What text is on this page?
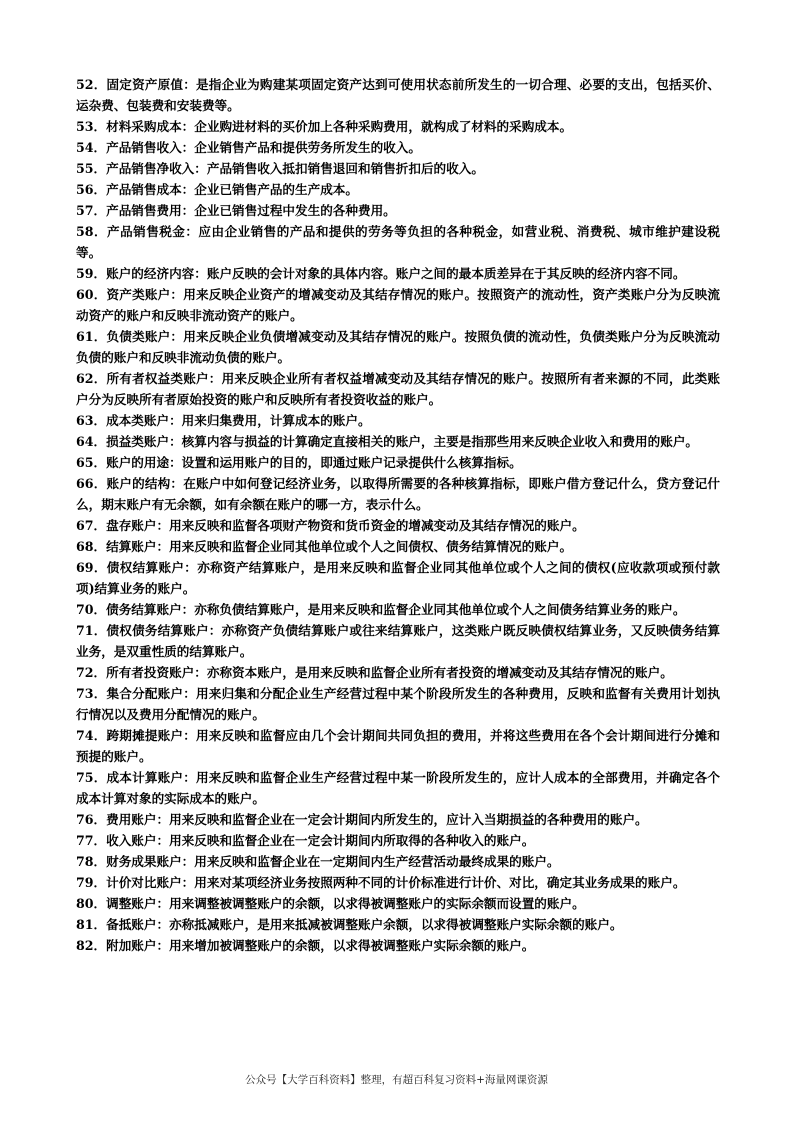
52．固定资产原值：是指企业为购建某项固定资产达到可使用状态前所发生的一切合理、必要的支出，包括买价、运杂费、包装费和安装费等。

53．材料采购成本：企业购进材料的买价加上各种采购费用，就构成了材料的采购成本。

54．产品销售收入：企业销售产品和提供劳务所发生的收入。

55．产品销售净收入：产品销售收入抵扣销售退回和销售折扣后的收入。

56．产品销售成本：企业已销售产品的生产成本。

57．产品销售费用：企业已销售过程中发生的各种费用。

58．产品销售税金：应由企业销售的产品和提供的劳务等负担的各种税金，如营业税、消费税、城市维护建设税等。

59．账户的经济内容：账户反映的会计对象的具体内容。账户之间的最本质差异在于其反映的经济内容不同。

60．资产类账户：用来反映企业资产的增减变动及其结存情况的账户。按照资产的流动性，资产类账户分为反映流动资产的账户和反映非流动资产的账户。

61．负债类账户：用来反映企业负债增减变动及其结存情况的账户。按照负债的流动性，负债类账户分为反映流动负债的账户和反映非流动负债的账户。

62．所有者权益类账户：用来反映企业所有者权益增减变动及其结存情况的账户。按照所有者来源的不同，此类账户分为反映所有者原始投资的账户和反映所有者投资收益的账户。

63．成本类账户：用来归集费用，计算成本的账户。

64．损益类账户：核算内容与损益的计算确定直接相关的账户，主要是指那些用来反映企业收入和费用的账户。

65．账户的用途：设置和运用账户的目的，即通过账户记录提供什么核算指标。

66．账户的结构：在账户中如何登记经济业务，以取得所需要的各种核算指标，即账户借方登记什么，贷方登记什么，期末账户有无余额，如有余额在账户的哪一方，表示什么。

67．盘存账户：用来反映和监督各项财产物资和货币资金的增减变动及其结存情况的账户。

68．结算账户：用来反映和监督企业同其他单位或个人之间债权、债务结算情况的账户。

69．债权结算账户：亦称资产结算账户，是用来反映和监督企业同其他单位或个人之间的债权(应收款项或预付款项)结算业务的账户。

70．债务结算账户：亦称负债结算账户，是用来反映和监督企业同其他单位或个人之间债务结算业务的账户。

71．债权债务结算账户：亦称资产负债结算账户或往来结算账户，这类账户既反映债权结算业务，又反映债务结算业务，是双重性质的结算账户。

72．所有者投资账户：亦称资本账户，是用来反映和监督企业所有者投资的增减变动及其结存情况的账户。

73．集合分配账户：用来归集和分配企业生产经营过程中某个阶段所发生的各种费用，反映和监督有关费用计划执行情况以及费用分配情况的账户。

74．跨期摊提账户：用来反映和监督应由几个会计期间共同负担的费用，并将这些费用在各个会计期间进行分摊和预提的账户。

75．成本计算账户：用来反映和监督企业生产经营过程中某一阶段所发生的，应计人成本的全部费用，并确定各个成本计算对象的实际成本的账户。

76．费用账户：用来反映和监督企业在一定会计期间内所发生的，应计入当期损益的各种费用的账户。

77．收入账户：用来反映和监督企业在一定会计期间内所取得的各种收入的账户。

78．财务成果账户：用来反映和监督企业在一定期间内生产经营活动最终成果的账户。

79．计价对比账户：用来对某项经济业务按照两种不同的计价标准进行计价、对比，确定其业务成果的账户。

80．调整账户：用来调整被调整账户的余额，以求得被调整账户的实际余额而设置的账户。

81．备抵账户：亦称抵减账户，是用来抵减被调整账户余额，以求得被调整账户实际余额的账户。

82．附加账户：用来增加被调整账户的余额，以求得被调整账户实际余额的账户。

公众号【大学百科资料】整理，有超百科复习资料+海量网课资源
